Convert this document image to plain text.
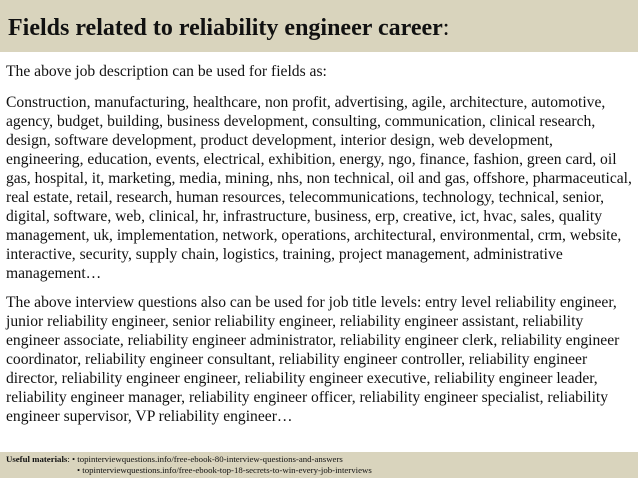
Fields related to reliability engineer career:

The above job description can be used for fields as:

Construction, manufacturing, healthcare, non profit, advertising, agile, architecture, automotive, agency, budget, building, business development, consulting, communication, clinical research, design, software development, product development, interior design, web development, engineering, education, events, electrical, exhibition, energy, ngo, finance, fashion, green card, oil gas, hospital, it, marketing, media, mining, nhs, non technical, oil and gas, offshore, pharmaceutical, real estate, retail, research, human resources, telecommunications, technology, technical, senior, digital, software, web, clinical, hr, infrastructure, business, erp, creative, ict, hvac, sales, quality management, uk, implementation, network, operations, architectural, environmental, crm, website, interactive, security, supply chain, logistics, training, project management, administrative management…

The above interview questions also can be used for job title levels: entry level reliability engineer, junior reliability engineer, senior reliability engineer, reliability engineer assistant, reliability engineer associate, reliability engineer administrator, reliability engineer clerk, reliability engineer coordinator, reliability engineer consultant, reliability engineer controller, reliability engineer director, reliability engineer engineer, reliability engineer executive, reliability engineer leader, reliability engineer manager, reliability engineer officer, reliability engineer specialist, reliability engineer supervisor, VP reliability engineer…

Useful materials: • topinterviewquestions.info/free-ebook-80-interview-questions-and-answers
• topinterviewquestions.info/free-ebook-top-18-secrets-to-win-every-job-interviews
